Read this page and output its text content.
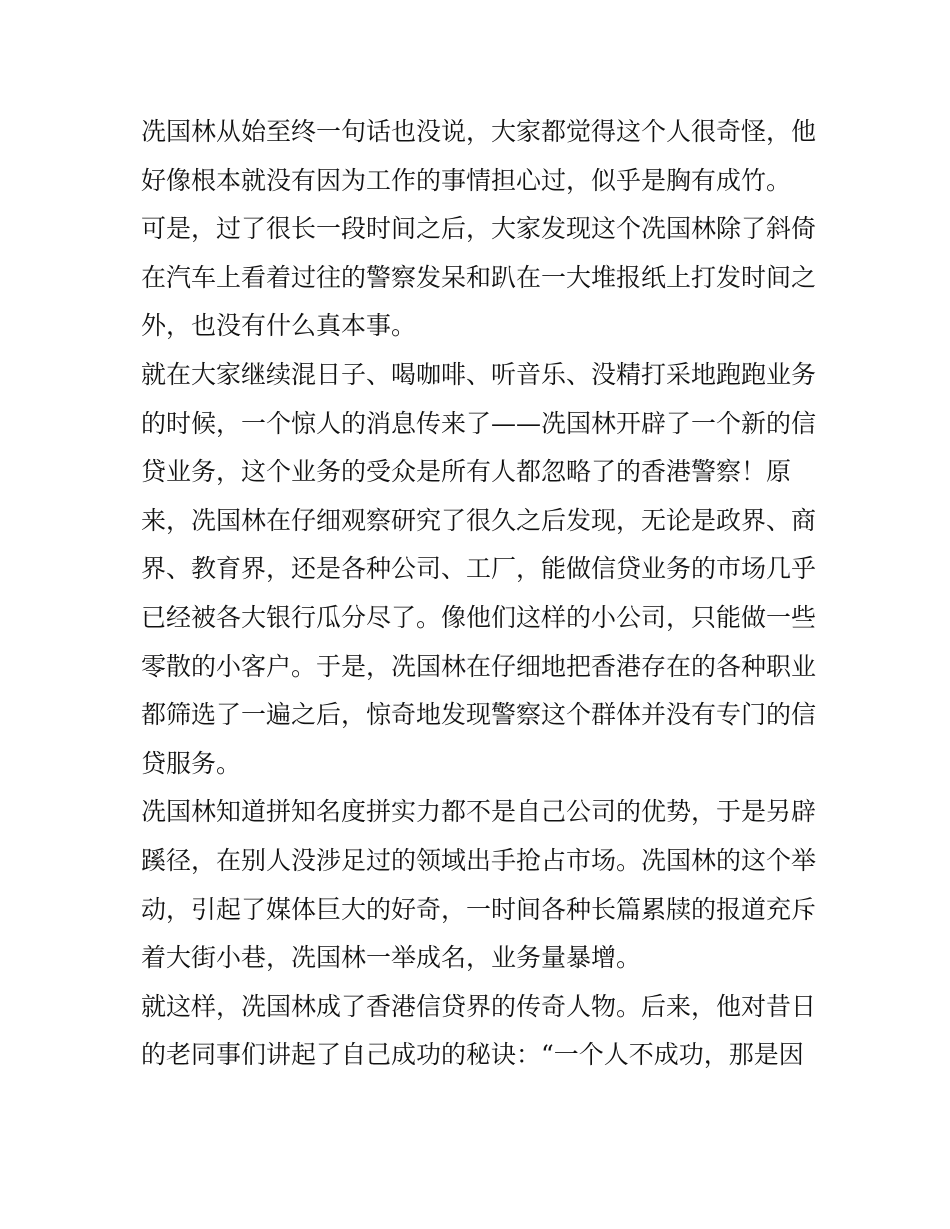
冼国林从始至终一句话也没说，大家都觉得这个人很奇怪，他
好像根本就没有因为工作的事情担心过，似乎是胸有成竹。
可是，过了很长一段时间之后，大家发现这个冼国林除了斜倚
在汽车上看着过往的警察发呆和趴在一大堆报纸上打发时间之
外，也没有什么真本事。
就在大家继续混日子、喝咖啡、听音乐、没精打采地跑跑业务
的时候，一个惊人的消息传来了——冼国林开辟了一个新的信
贷业务，这个业务的受众是所有人都忽略了的香港警察！原
来，冼国林在仔细观察研究了很久之后发现，无论是政界、商
界、教育界，还是各种公司、工厂，能做信贷业务的市场几乎
已经被各大银行瓜分尽了。像他们这样的小公司，只能做一些
零散的小客户。于是，冼国林在仔细地把香港存在的各种职业
都筛选了一遍之后，惊奇地发现警察这个群体并没有专门的信
贷服务。
冼国林知道拼知名度拼实力都不是自己公司的优势，于是另辟
蹊径，在别人没涉足过的领域出手抢占市场。冼国林的这个举
动，引起了媒体巨大的好奇，一时间各种长篇累牍的报道充斥
着大街小巷，冼国林一举成名，业务量暴增。
就这样，冼国林成了香港信贷界的传奇人物。后来，他对昔日
的老同事们讲起了自己成功的秘诀：“一个人不成功，那是因
